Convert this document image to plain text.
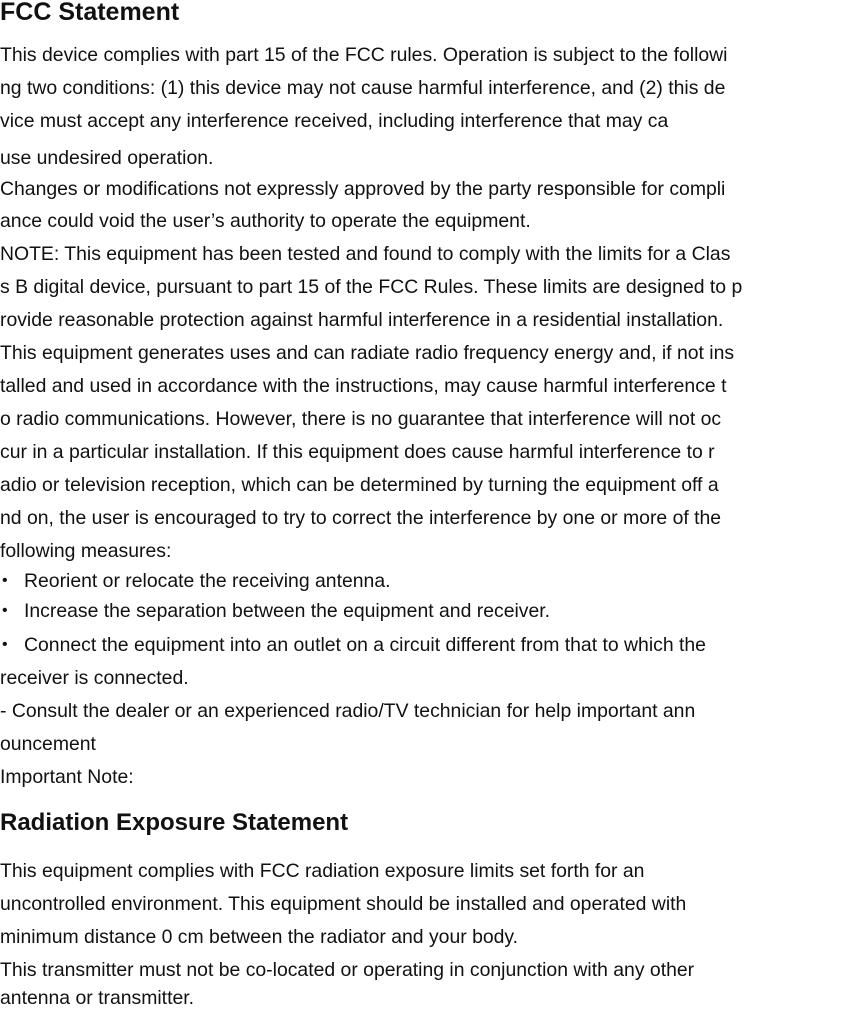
FCC Statement
This device complies with part 15 of the FCC rules. Operation is subject to the followi
ng two conditions: (1) this device may not cause harmful interference, and (2) this de
vice must accept any interference received, including interference that may ca
use undesired operation.
Changes or modifications not expressly approved by the party responsible for compli
ance could void the user’s authority to operate the equipment.
NOTE: This equipment has been tested and found to comply with the limits for a Clas
s B digital device, pursuant to part 15 of the FCC Rules. These limits are designed to p
rovide reasonable protection against harmful interference in a residential installation.
This equipment generates uses and can radiate radio frequency energy and, if not ins
talled and used in accordance with the instructions, may cause harmful interference t
o radio communications. However, there is no guarantee that interference will not oc
cur in a particular installation. If this equipment does cause harmful interference to r
adio or television reception, which can be determined by turning the equipment off a
nd on, the user is encouraged to try to correct the interference by one or more of the
following measures:
• Reorient or relocate the receiving antenna.
• Increase the separation between the equipment and receiver.
• Connect the equipment into an outlet on a circuit different from that to which the
receiver is connected.
- Consult the dealer or an experienced radio/TV technician for help important ann
ouncement
Important Note:
Radiation Exposure Statement
This equipment complies with FCC radiation exposure limits set forth for an
uncontrolled environment. This equipment should be installed and operated with
minimum distance 0 cm between the radiator and your body.
This transmitter must not be co-located or operating in conjunction with any other
antenna or transmitter.
